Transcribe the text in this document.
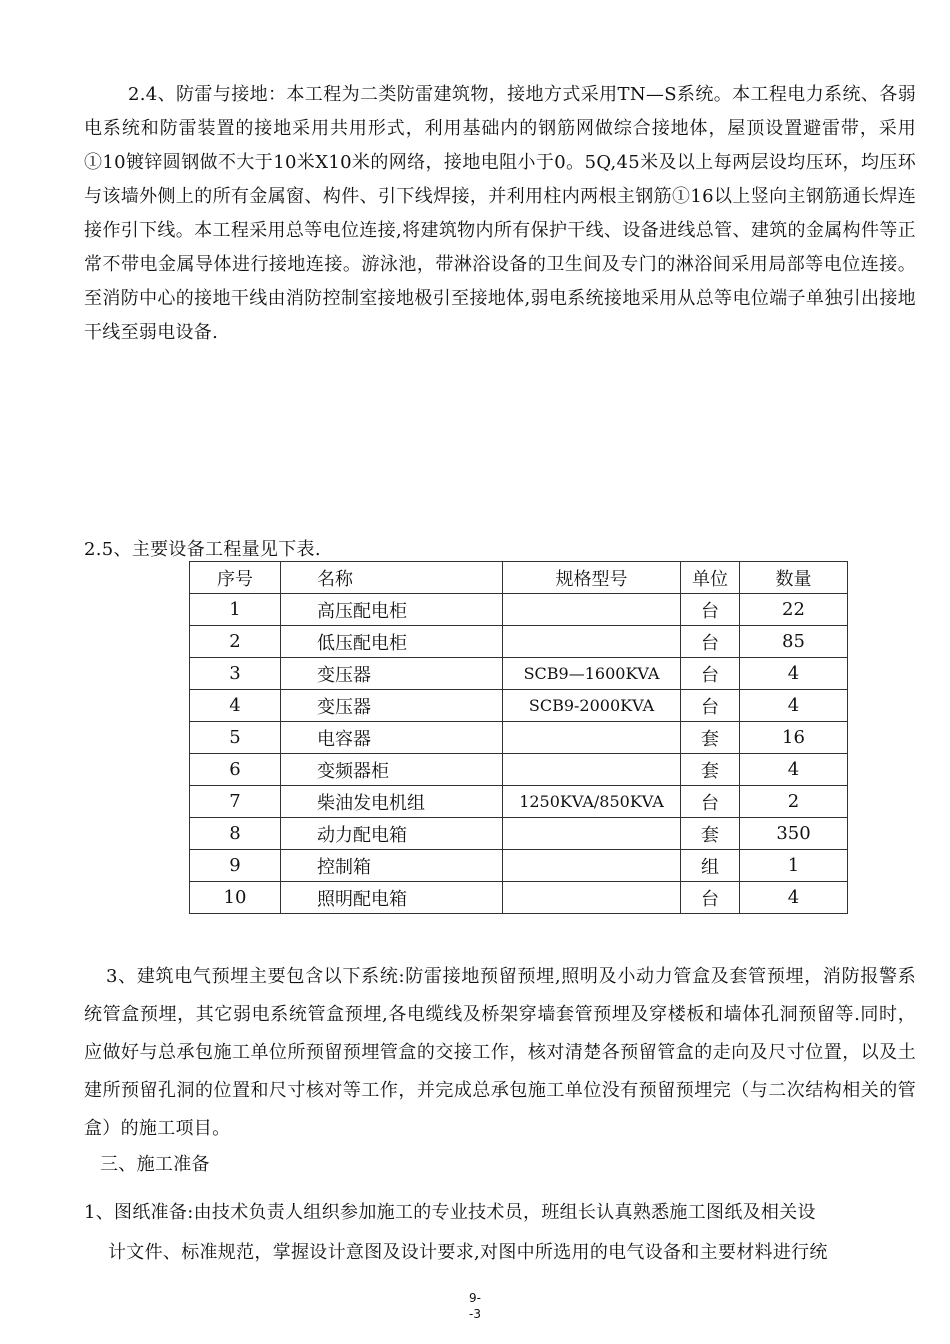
2.4、防雷与接地：本工程为二类防雷建筑物，接地方式采用TN—S系统。本工程电力系统、各弱电系统和防雷装置的接地采用共用形式，利用基础内的钢筋网做综合接地体，屋顶设置避雷带，采用①10镀锌圆钢做不大于10米X10米的网络，接地电阻小于0。5Q,45米及以上每两层设均压环，均压环与该墙外侧上的所有金属窗、构件、引下线焊接，并利用柱内两根主钢筋①16以上竖向主钢筋通长焊连接作引下线。本工程采用总等电位连接,将建筑物内所有保护干线、设备进线总管、建筑的金属构件等正常不带电金属导体进行接地连接。游泳池，带淋浴设备的卫生间及专门的淋浴间采用局部等电位连接。至消防中心的接地干线由消防控制室接地极引至接地体,弱电系统接地采用从总等电位端子单独引出接地干线至弱电设备.

2.5、主要设备工程量见下表.

序号	名称	规格型号	单位	数量
1	高压配电柜		台	22
2	低压配电柜		台	85
3	变压器	SCB9—1600KVA	台	4
4	变压器	SCB9-2000KVA	台	4
5	电容器		套	16
6	变频器柜		套	4
7	柴油发电机组	1250KVA/850KVA	台	2
8	动力配电箱		套	350
9	控制箱		组	1
10	照明配电箱		台	4

3、建筑电气预埋主要包含以下系统:防雷接地预留预埋,照明及小动力管盒及套管预埋，消防报警系统管盒预埋，其它弱电系统管盒预埋,各电缆线及桥架穿墙套管预埋及穿楼板和墙体孔洞预留等.同时，应做好与总承包施工单位所预留预埋管盒的交接工作，核对清楚各预留管盒的走向及尺寸位置，以及土建所预留孔洞的位置和尺寸核对等工作，并完成总承包施工单位没有预留预埋完（与二次结构相关的管盒）的施工项目。

三、施工准备

1、图纸准备:由技术负责人组织参加施工的专业技术员，班组长认真熟悉施工图纸及相关设
计文件、标准规范，掌握设计意图及设计要求,对图中所选用的电气设备和主要材料进行统

9-
-3
